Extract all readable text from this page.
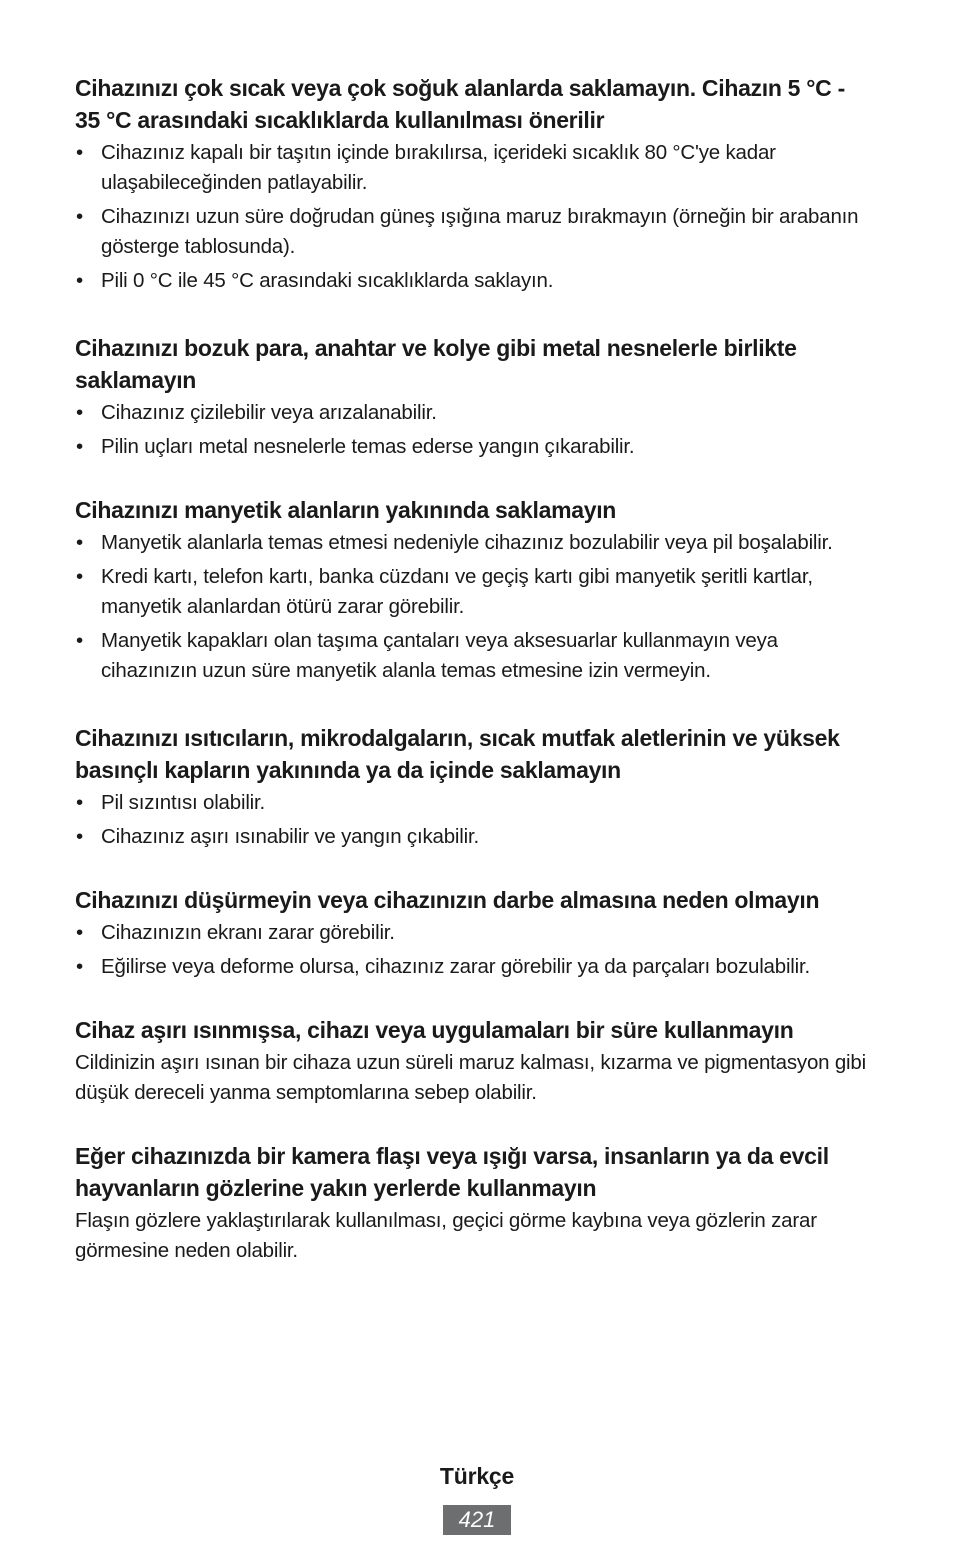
Cihazınızı çok sıcak veya çok soğuk alanlarda saklamayın. Cihazın 5 °C - 35 °C arasındaki sıcaklıklarda kullanılması önerilir
• Cihazınız kapalı bir taşıtın içinde bırakılırsa, içerideki sıcaklık 80 °C'ye kadar ulaşabileceğinden patlayabilir.
• Cihazınızı uzun süre doğrudan güneş ışığına maruz bırakmayın (örneğin bir arabanın gösterge tablosunda).
• Pili 0 °C ile 45 °C arasındaki sıcaklıklarda saklayın.
Cihazınızı bozuk para, anahtar ve kolye gibi metal nesnelerle birlikte saklamayın
• Cihazınız çizilebilir veya arızalanabilir.
• Pilin uçları metal nesnelerle temas ederse yangın çıkarabilir.
Cihazınızı manyetik alanların yakınında saklamayın
• Manyetik alanlarla temas etmesi nedeniyle cihazınız bozulabilir veya pil boşalabilir.
• Kredi kartı, telefon kartı, banka cüzdanı ve geçiş kartı gibi manyetik şeritli kartlar, manyetik alanlardan ötürü zarar görebilir.
• Manyetik kapakları olan taşıma çantaları veya aksesuarlar kullanmayın veya cihazınızın uzun süre manyetik alanla temas etmesine izin vermeyin.
Cihazınızı ısıtıcıların, mikrodalgaların, sıcak mutfak aletlerinin ve yüksek basınçlı kapların yakınında ya da içinde saklamayın
• Pil sızıntısı olabilir.
• Cihazınız aşırı ısınabilir ve yangın çıkabilir.
Cihazınızı düşürmeyin veya cihazınızın darbe almasına neden olmayın
• Cihazınızın ekranı zarar görebilir.
• Eğilirse veya deforme olursa, cihazınız zarar görebilir ya da parçaları bozulabilir.
Cihaz aşırı ısınmışsa, cihazı veya uygulamaları bir süre kullanmayın

Cildinizin aşırı ısınan bir cihaza uzun süreli maruz kalması, kızarma ve pigmentasyon gibi düşük dereceli yanma semptomlarına sebep olabilir.

Eğer cihazınızda bir kamera flaşı veya ışığı varsa, insanların ya da evcil hayvanların gözlerine yakın yerlerde kullanmayın

Flaşın gözlere yaklaştırılarak kullanılması, geçici görme kaybına veya gözlerin zarar görmesine neden olabilir.

Türkçe
421
